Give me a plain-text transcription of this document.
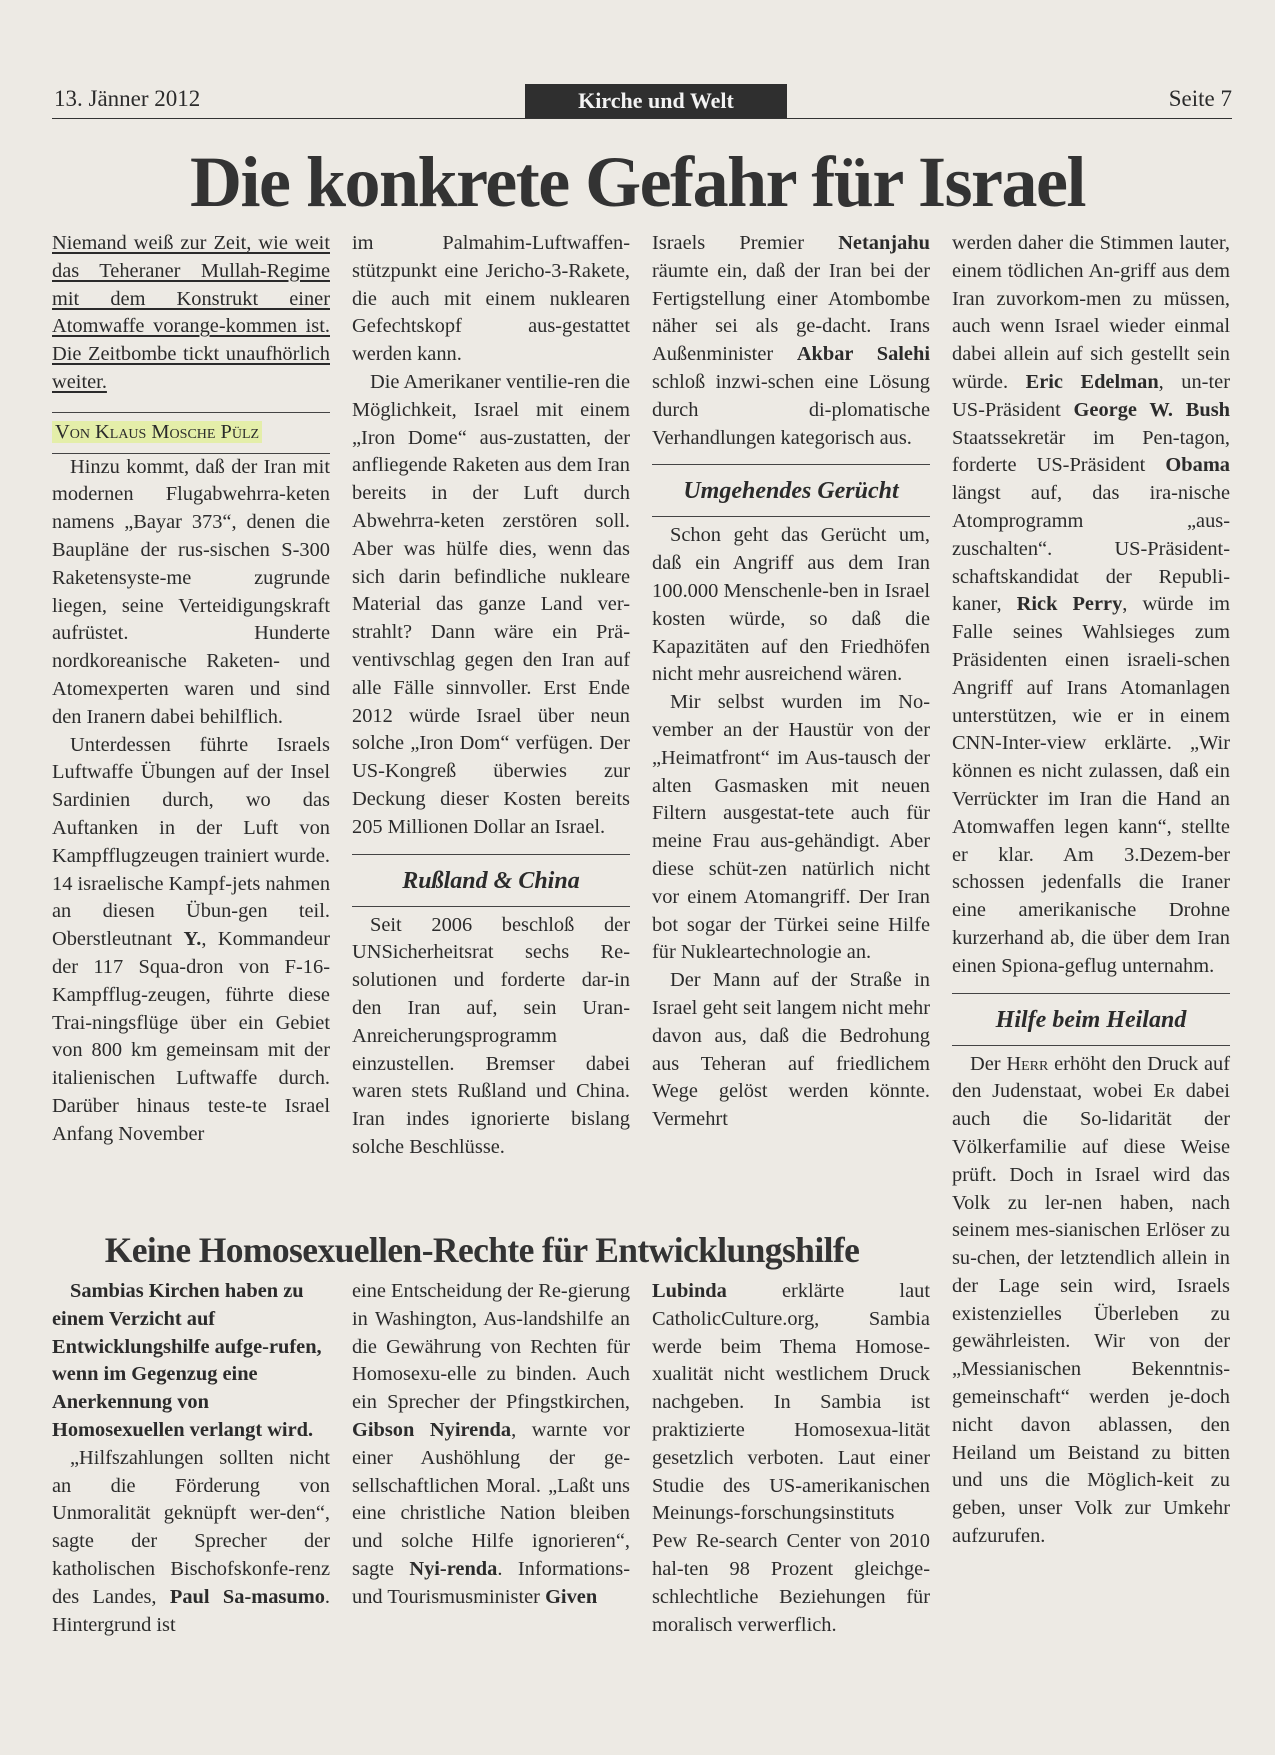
13. Jänner 2012	Kirche und Welt	Seite 7
Die konkrete Gefahr für Israel

Niemand weiß zur Zeit, wie weit das Teheraner Mullah-Regime mit dem Konstrukt einer Atomwaffe vorange-kommen ist. Die Zeitbombe tickt unaufhörlich weiter.

Von Klaus Mosche Pülz

Hinzu kommt, daß der Iran mit modernen Flugabwehrra-keten namens „Bayar 373“, denen die Baupläne der rus-sischen S-300 Raketensyste-me zugrunde liegen, seine Verteidigungskraft aufrüstet. Hunderte nordkoreanische Raketen- und Atomexperten waren und sind den Iranern dabei behilflich.

Unterdessen führte Israels Luftwaffe Übungen auf der Insel Sardinien durch, wo das Auftanken in der Luft von Kampfflugzeugen trainiert wurde. 14 israelische Kampf-jets nahmen an diesen Übun-gen teil. Oberstleutnant Y., Kommandeur der 117 Squa-dron von F-16-Kampfflug-zeugen, führte diese Trai-ningsflüge über ein Gebiet von 800 km gemeinsam mit der italienischen Luftwaffe durch. Darüber hinaus teste-te Israel Anfang November

im Palmahim-Luftwaffen-stützpunkt eine Jericho-3-Rakete, die auch mit einem nuklearen Gefechtskopf aus-gestattet werden kann.

Die Amerikaner ventilie-ren die Möglichkeit, Israel mit einem „Iron Dome“ aus-zustatten, der anfliegende Raketen aus dem Iran bereits in der Luft durch Abwehrra-keten zerstören soll. Aber was hülfe dies, wenn das sich darin befindliche nukleare Material das ganze Land ver-strahlt? Dann wäre ein Prä-ventivschlag gegen den Iran auf alle Fälle sinnvoller. Erst Ende 2012 würde Israel über neun solche „Iron Dom“ verfügen. Der US-Kongreß überwies zur Deckung dieser Kosten bereits 205 Millionen Dollar an Israel.

Rußland & China

Seit 2006 beschloß der UNSicherheitsrat sechs Re-solutionen und forderte dar-in den Iran auf, sein Uran-Anreicherungsprogramm einzustellen. Bremser dabei waren stets Rußland und China. Iran indes ignorierte bislang solche Beschlüsse.

Israels Premier Netanjahu räumte ein, daß der Iran bei der Fertigstellung einer Atombombe näher sei als ge-dacht. Irans Außenminister Akbar Salehi schloß inzwi-schen eine Lösung durch di-plomatische Verhandlungen kategorisch aus.

Umgehendes Gerücht

Schon geht das Gerücht um, daß ein Angriff aus dem Iran 100.000 Menschenle-ben in Israel kosten würde, so daß die Kapazitäten auf den Friedhöfen nicht mehr ausreichend wären.

Mir selbst wurden im No-vember an der Haustür von der „Heimatfront“ im Aus-tausch der alten Gasmasken mit neuen Filtern ausgestat-tete auch für meine Frau aus-gehändigt. Aber diese schüt-zen natürlich nicht vor einem Atomangriff. Der Iran bot sogar der Türkei seine Hilfe für Nukleartechnologie an.

Der Mann auf der Straße in Israel geht seit langem nicht mehr davon aus, daß die Bedrohung aus Teheran auf friedlichem Wege gelöst werden könnte. Vermehrt

werden daher die Stimmen lauter, einem tödlichen An-griff aus dem Iran zuvorkom-men zu müssen, auch wenn Israel wieder einmal dabei allein auf sich gestellt sein würde. Eric Edelman, un-ter US-Präsident George W. Bush Staatssekretär im Pen-tagon, forderte US-Präsident Obama längst auf, das ira-nische Atomprogramm „aus-zuschalten“. US-Präsident-schaftskandidat der Republi-kaner, Rick Perry, würde im Falle seines Wahlsieges zum Präsidenten einen israeli-schen Angriff auf Irans Atomanlagen unterstützen, wie er in einem CNN-Inter-view erklärte. „Wir können es nicht zulassen, daß ein Verrückter im Iran die Hand an Atomwaffen legen kann“, stellte er klar. Am 3.Dezem-ber schossen jedenfalls die Iraner eine amerikanische Drohne kurzerhand ab, die über dem Iran einen Spiona-geflug unternahm.

Hilfe beim Heiland

Der Herr erhöht den Druck auf den Judenstaat, wobei Er dabei auch die So-lidarität der Völkerfamilie auf diese Weise prüft. Doch in Israel wird das Volk zu ler-nen haben, nach seinem mes-sianischen Erlöser zu su-chen, der letztendlich allein in der Lage sein wird, Israels existenzielles Überleben zu gewährleisten. Wir von der „Messianischen Bekenntnis-gemeinschaft“ werden je-doch nicht davon ablassen, den Heiland um Beistand zu bitten und uns die Möglich-keit zu geben, unser Volk zur Umkehr aufzurufen.

Keine Homosexuellen-Rechte für Entwicklungshilfe

Sambias Kirchen haben zu einem Verzicht auf Entwicklungshilfe aufge-rufen, wenn im Gegenzug eine Anerkennung von Homosexuellen verlangt wird.

„Hilfszahlungen sollten nicht an die Förderung von Unmoralität geknüpft wer-den“, sagte der Sprecher der katholischen Bischofskonfe-renz des Landes, Paul Sa-masumo. Hintergrund ist

eine Entscheidung der Re-gierung in Washington, Aus-landshilfe an die Gewährung von Rechten für Homosexu-elle zu binden. Auch ein Sprecher der Pfingstkirchen, Gibson Nyirenda, warnte vor einer Aushöhlung der ge-sellschaftlichen Moral. „Laßt uns eine christliche Nation bleiben und solche Hilfe ignorieren“, sagte Nyi-renda. Informations- und Tourismusminister Given

Lubinda	erklärte laut CatholicCulture.org, Sambia werde beim Thema Homose-xualität nicht westlichem Druck nachgeben. In Sambia ist praktizierte Homosexua-lität gesetzlich verboten. Laut einer Studie des US-amerikanischen Meinungs-forschungsinstituts Pew Re-search Center von 2010 hal-ten 98 Prozent gleichge-schlechtliche Beziehungen für moralisch verwerflich.
